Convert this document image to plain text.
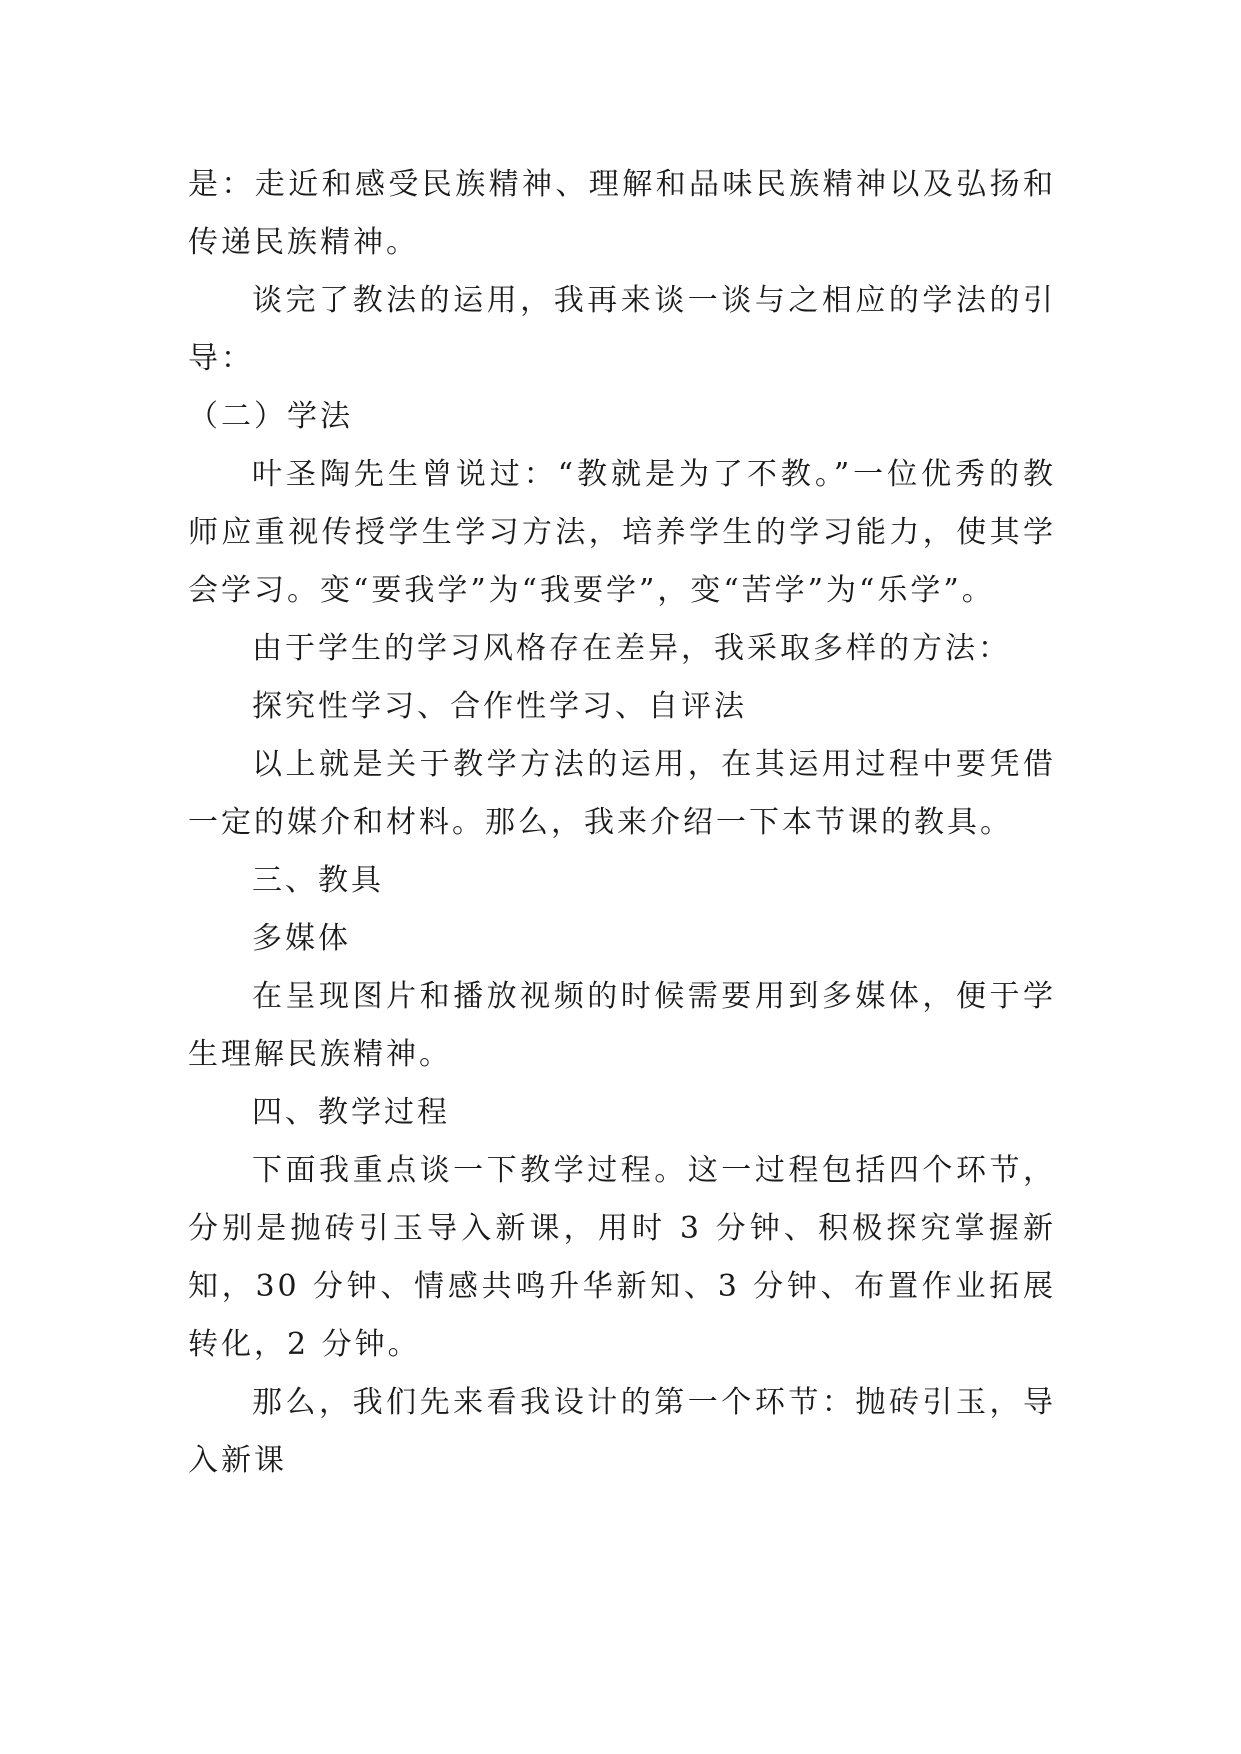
是：走近和感受民族精神、理解和品味民族精神以及弘扬和传递民族精神。

谈完了教法的运用，我再来谈一谈与之相应的学法的引导：

（二）学法

叶圣陶先生曾说过：“教就是为了不教。”一位优秀的教师应重视传授学生学习方法，培养学生的学习能力，使其学会学习。变“要我学”为“我要学”，变“苦学”为“乐学”。

由于学生的学习风格存在差异，我采取多样的方法：

探究性学习、合作性学习、自评法

以上就是关于教学方法的运用，在其运用过程中要凭借一定的媒介和材料。那么，我来介绍一下本节课的教具。

三、教具

多媒体

在呈现图片和播放视频的时候需要用到多媒体，便于学生理解民族精神。

四、教学过程

下面我重点谈一下教学过程。这一过程包括四个环节，分别是抛砖引玉导入新课，用时 3 分钟、积极探究掌握新知，30 分钟、情感共鸣升华新知、3 分钟、布置作业拓展转化，2 分钟。

那么，我们先来看我设计的第一个环节：抛砖引玉，导入新课
